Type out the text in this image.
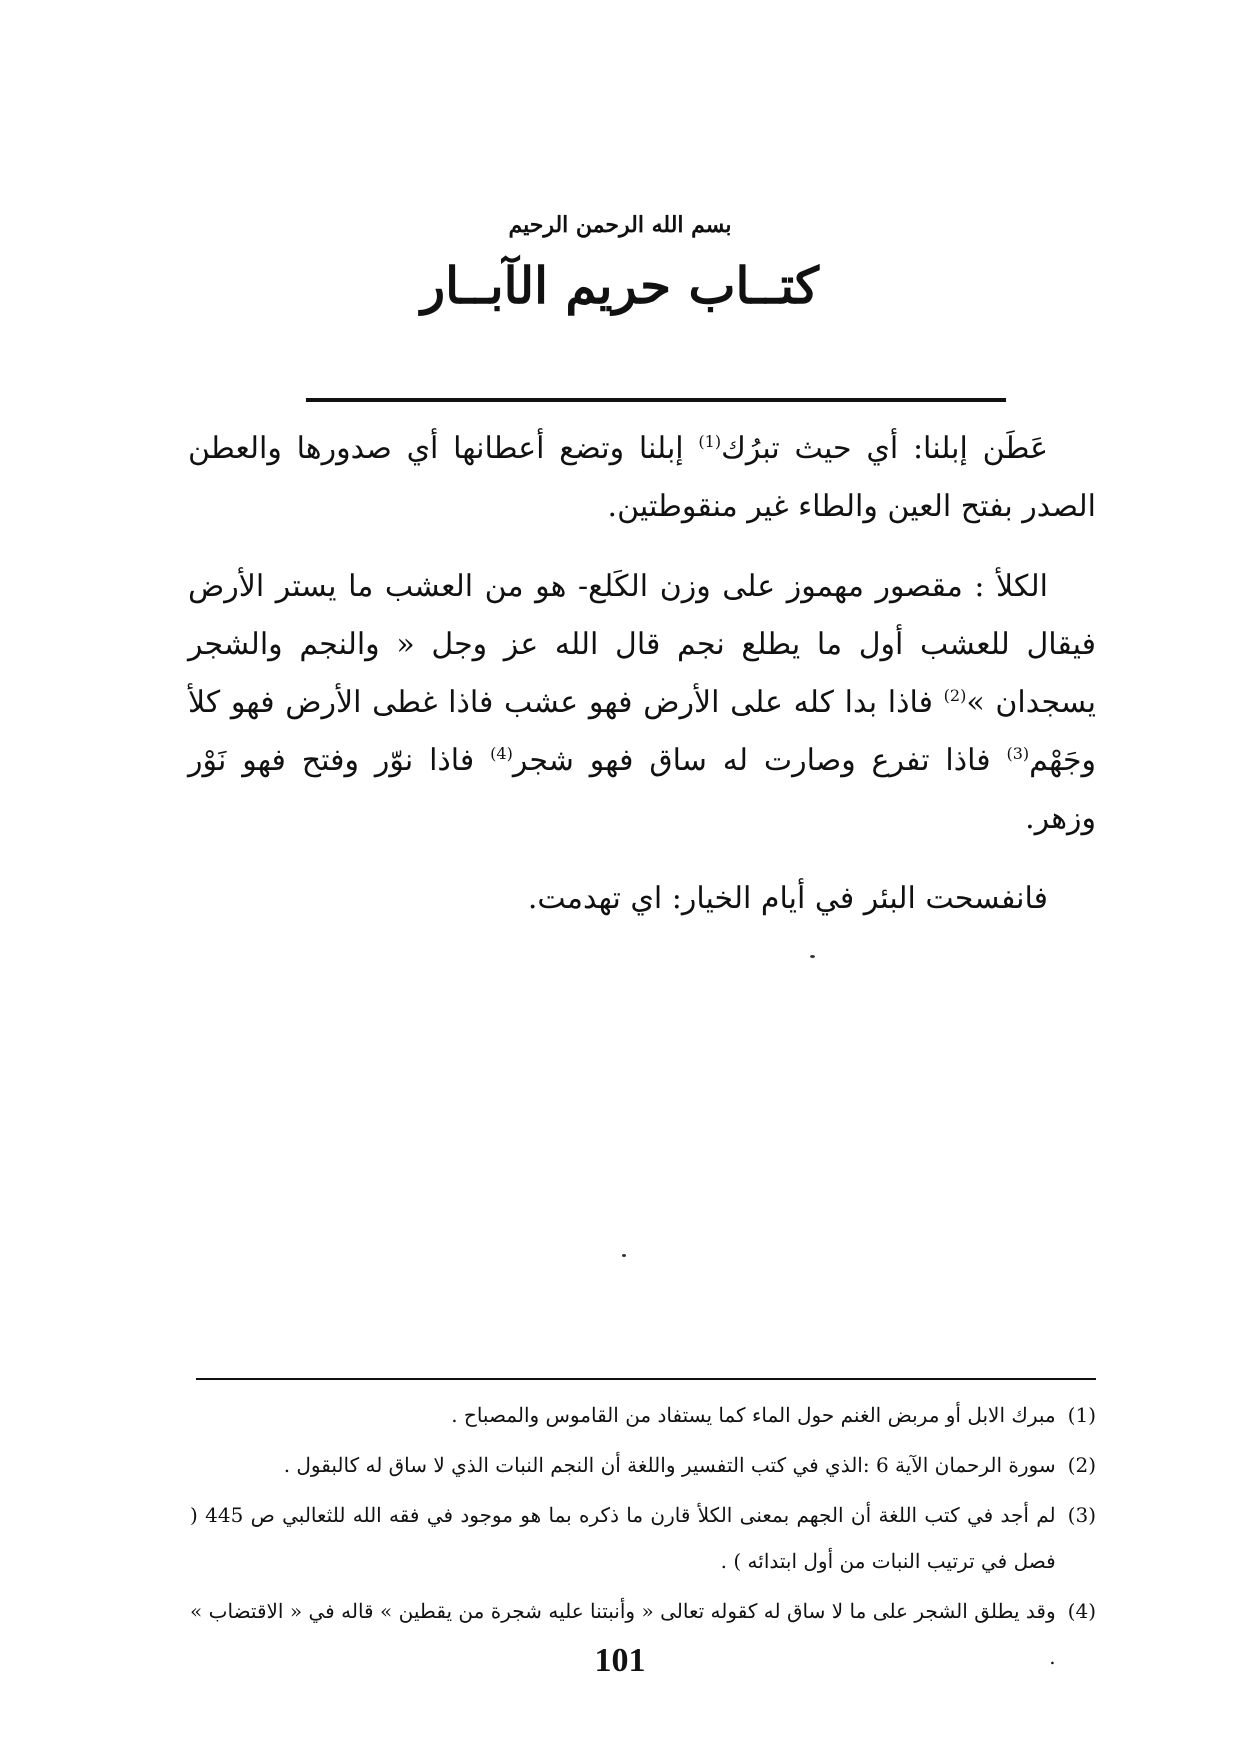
بسم الله الرحمن الرحيم
كتــاب حريم الآبــار

عَطَن إبلنا: أي حيث تبرُك$^{(1)}$ إبلنا وتضع أعطانها أي صدورها والعطن الصدر بفتح العين والطاء غير منقوطتين.

الكلأ : مقصور مهموز على وزن الكَلع- هو من العشب ما يستر الأرض فيقال للعشب أول ما يطلع نجم قال الله عز وجل « والنجم والشجر يسجدان »$^{(2)}$ فاذا بدا كله على الأرض فهو عشب فاذا غطى الأرض فهو كلأ وجَهْم$^{(3)}$ فاذا تفرع وصارت له ساق فهو شجر$^{(4)}$ فاذا نوّر وفتح فهو نَوْر وزهر.

فانفسحت البئر في أيام الخيار: اي تهدمت.

(1)
مبرك الابل أو مربض الغنم حول الماء كما يستفاد من القاموس والمصباح .
(2)
سورة الرحمان الآية 6 :الذي في كتب التفسير واللغة أن النجم النبات الذي لا ساق له كالبقول .
(3)
لم أجد في كتب اللغة أن الجهم بمعنى الكلأ قارن ما ذكره بما هو موجود في فقه الله للثعالبي ص 445 ( فصل في ترتيب النبات من أول ابتدائه ) .
(4)
وقد يطلق الشجر على ما لا ساق له كقوله تعالى « وأنبتنا عليه شجرة من يقطين » قاله في « الاقتضاب » .
101
